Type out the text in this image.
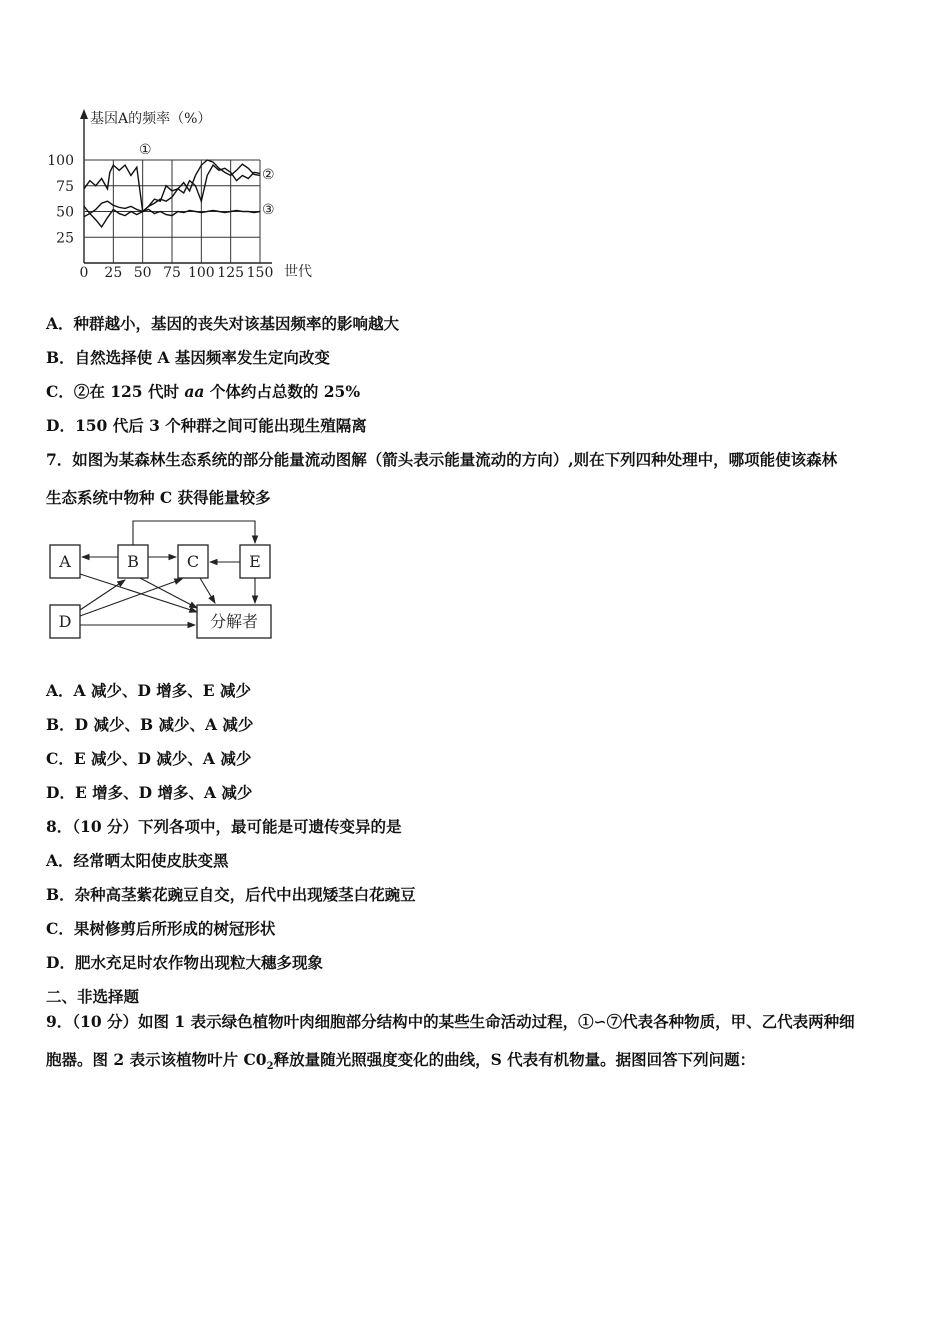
基因A的频率（%）
世代
100
75
50
25
0 25 50 75 100 125 150
①
②
③
A．种群越小，基因的丧失对该基因频率的影响越大
B．自然选择使 A 基因频率发生定向改变
C．②在 125 代时 aa 个体约占总数的 25%
D．150 代后 3 个种群之间可能出现生殖隔离
7．如图为某森林生态系统的部分能量流动图解（箭头表示能量流动的方向）,则在下列四种处理中，哪项能使该森林
生态系统中物种 C 获得能量较多
A	B	C	E
D	分解者
A．A 减少、D 增多、E 减少
B．D 减少、B 减少、A 减少
C．E 减少、D 减少、A 减少
D．E 增多、D 增多、A 减少
8．（10 分）下列各项中，最可能是可遗传变异的是
A．经常晒太阳使皮肤变黑
B．杂种高茎紫花豌豆自交，后代中出现矮茎白花豌豆
C．果树修剪后所形成的树冠形状
D．肥水充足时农作物出现粒大穗多现象
二、非选择题
9．（10 分）如图 1 表示绿色植物叶肉细胞部分结构中的某些生命活动过程，①∽⑦代表各种物质，甲、乙代表两种细
胞器。图 2 表示该植物叶片 $C0_2$释放量随光照强度变化的曲线，S 代表有机物量。据图回答下列问题：
